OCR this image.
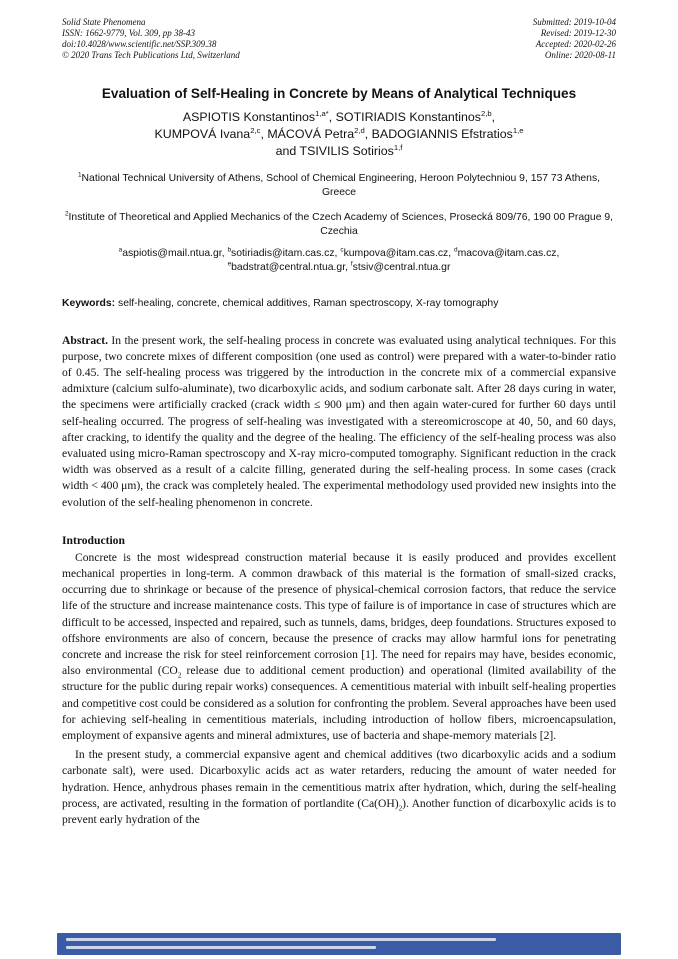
Solid State Phenomena
ISSN: 1662-9779, Vol. 309, pp 38-43
doi:10.4028/www.scientific.net/SSP.309.38
© 2020 Trans Tech Publications Ltd, Switzerland
Submitted: 2019-10-04
Revised: 2019-12-30
Accepted: 2020-02-26
Online: 2020-08-11
Evaluation of Self-Healing in Concrete by Means of Analytical Techniques
ASPIOTIS Konstantinos$^{1,a*}$, SOTIRIADIS Konstantinos$^{2,b}$,
KUMPOVÁ Ivana$^{2,c}$, MÁCOVÁ Petra$^{2,d}$, BADOGIANNIS Efstratios$^{1,e}$
and TSIVILIS Sotirios$^{1,f}$
$^1$National Technical University of Athens, School of Chemical Engineering, Heroon Polytechniou 9, 157 73 Athens, Greece
$^2$Institute of Theoretical and Applied Mechanics of the Czech Academy of Sciences, Prosecká 809/76, 190 00 Prague 9, Czechia
$^a$aspiotis@mail.ntua.gr, $^b$sotiriadis@itam.cas.cz, $^c$kumpova@itam.cas.cz, $^d$macova@itam.cas.cz, $^e$badstrat@central.ntua.gr, $^f$stsiv@central.ntua.gr
Keywords: self-healing, concrete, chemical additives, Raman spectroscopy, X-ray tomography
Abstract. In the present work, the self-healing process in concrete was evaluated using analytical techniques. For this purpose, two concrete mixes of different composition (one used as control) were prepared with a water-to-binder ratio of 0.45. The self-healing process was triggered by the introduction in the concrete mix of a commercial expansive admixture (calcium sulfo-aluminate), two dicarboxylic acids, and sodium carbonate salt. After 28 days curing in water, the specimens were artificially cracked (crack width ≤ 900 μm) and then again water-cured for further 60 days until self-healing occurred. The progress of self-healing was investigated with a stereomicroscope at 40, 50, and 60 days, after cracking, to identify the quality and the degree of the healing. The efficiency of the self-healing process was also evaluated using micro-Raman spectroscopy and X-ray micro-computed tomography. Significant reduction in the crack width was observed as a result of a calcite filling, generated during the self-healing process. In some cases (crack width < 400 μm), the crack was completely healed. The experimental methodology used provided new insights into the evolution of the self-healing phenomenon in concrete.
Introduction
Concrete is the most widespread construction material because it is easily produced and provides excellent mechanical properties in long-term. A common drawback of this material is the formation of small-sized cracks, occurring due to shrinkage or because of the presence of physical-chemical corrosion factors, that reduce the service life of the structure and increase maintenance costs. This type of failure is of importance in case of structures which are difficult to be accessed, inspected and repaired, such as tunnels, dams, bridges, deep foundations. Structures exposed to offshore environments are also of concern, because the presence of cracks may allow harmful ions for penetrating concrete and increase the risk for steel reinforcement corrosion [1]. The need for repairs may have, besides economic, also environmental ($CO_2$ release due to additional cement production) and operational (limited availability of the structure for the public during repair works) consequences. A cementitious material with inbuilt self-healing properties and competitive cost could be considered as a solution for confronting the problem. Several approaches have been used for achieving self-healing in cementitious materials, including introduction of hollow fibers, microencapsulation, employment of expansive agents and mineral admixtures, use of bacteria and shape-memory materials [2].
In the present study, a commercial expansive agent and chemical additives (two dicarboxylic acids and a sodium carbonate salt), were used. Dicarboxylic acids act as water retarders, reducing the amount of water needed for hydration. Hence, anhydrous phases remain in the cementitious matrix after hydration, which, during the self-healing process, are activated, resulting in the formation of portlandite $(Ca(OH)_2)$. Another function of dicarboxylic acids is to prevent early hydration of the
